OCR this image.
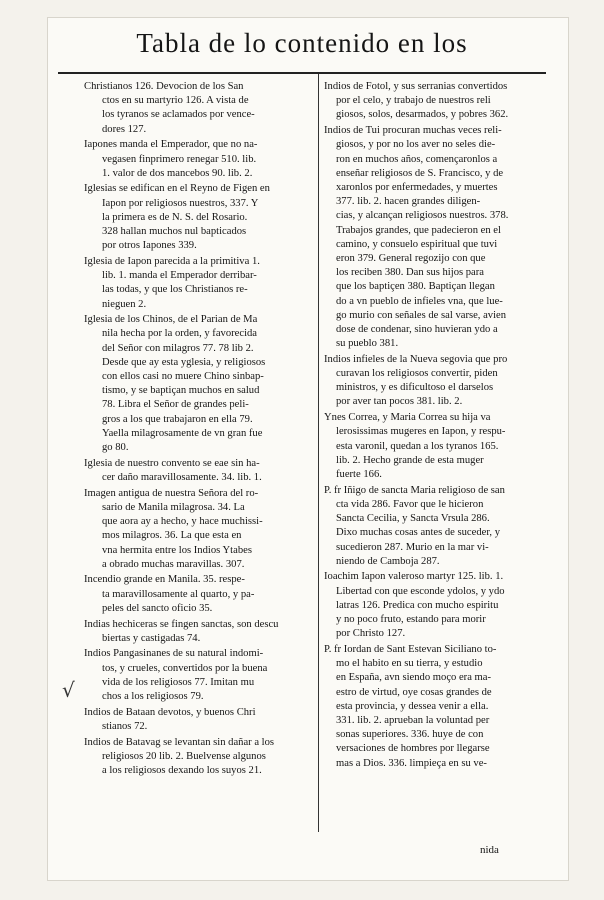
Tabla de lo contenido en los

Christianos 126. Devocion de los San
ctos en su martyrio 126. A vista de
los tyranos se aclamados por vence-
dores 127.

Iapones manda el Emperador, que no na-
vegasen finprimero renegar 510. lib.
1. valor de dos mancebos 90. lib. 2.

Iglesias se edifican en el Reyno de Figen en
Iapon por religiosos nuestros, 337. Y
la primera es de N. S. del Rosario.
328 hallan muchos nul bapticados
por otros Iapones 339.

Iglesia de Iapon parecida a la primitiva 1.
lib. 1. manda el Emperador derribar-
las todas, y que los Christianos re-
nieguen 2.

Iglesia de los Chinos, de el Parian de Ma
nila hecha por la orden, y favorecida
del Señor con milagros 77. 78 lib 2.
Desde que ay esta yglesia, y religiosos
con ellos casi no muere Chino sinbap-
tismo, y se baptiçan muchos en salud
78. Libra el Señor de grandes peli-
gros a los que trabajaron en ella 79.
Yaella milagrosamente de vn gran fue
go 80.

Iglesia de nuestro convento se eae sin ha-
cer daño maravillosamente. 34. lib. 1.

Imagen antigua de nuestra Señora del ro-
sario de Manila milagrosa. 34. La
que aora ay a hecho, y hace muchissi-
mos milagros. 36. La que esta en
vna hermita entre los Indios Ytabes
a obrado muchas maravillas. 307.

Incendio grande en Manila. 35. respe-
ta maravillosamente al quarto, y pa-
peles del sancto oficio 35.

Indias hechiceras se fingen sanctas, son descu
biertas y castigadas 74.

Indios Pangasinanes de su natural indomi-
tos, y crueles, convertidos por la buena
vida de los religiosos 77. Imitan mu
chos a los religiosos 79.

Indios de Bataan devotos, y buenos Chri
stianos 72.

Indios de Batavag se levantan sin dañar a los
religiosos 20 lib. 2. Buelvense algunos
a los religiosos dexando los suyos 21.

Indios de Fotol, y sus serranias convertidos
por el celo, y trabajo de nuestros reli
giosos, solos, desarmados, y pobres 362.

Indios de Tui procuran muchas veces reli-
giosos, y por no los aver no seles die-
ron en muchos años, començaronlos a
enseñar religiosos de S. Francisco, y de
xaronlos por enfermedades, y muertes
377. lib. 2. hacen grandes diligen-
cias, y alcançan religiosos nuestros. 378.
Trabajos grandes, que padecieron en el
camino, y consuelo espiritual que tuvi
eron 379. General regozijo con que
los reciben 380. Dan sus hijos para
que los baptiçen 380. Baptiçan llegan
do a vn pueblo de infieles vna, que lue-
go murio con señales de sal varse, avien
dose de condenar, sino huvieran ydo a
su pueblo 381.

Indios infieles de la Nueva segovia que pro
curavan los religiosos convertir, piden
ministros, y es dificultoso el darselos
por aver tan pocos 381. lib. 2.

Ynes Correa, y Maria Correa su hija va
lerosissimas mugeres en Iapon, y respu-
esta varonil, quedan a los tyranos 165.
lib. 2. Hecho grande de esta muger
fuerte 166.

P. fr Iñigo de sancta Maria religioso de san
cta vida 286. Favor que le hicieron
Sancta Cecilia, y Sancta Vrsula 286.
Dixo muchas cosas antes de suceder, y
sucedieron 287. Murio en la mar vi-
niendo de Camboja 287.

Ioachim Iapon valeroso martyr 125. lib. 1.
Libertad con que esconde ydolos, y ydo
latras 126. Predica con mucho espiritu
y no poco fruto, estando para morir
por Christo 127.

P. fr Iordan de Sant Estevan Siciliano to-
mo el habito en su tierra, y estudio
en España, avn siendo moço era ma-
estro de virtud, oye cosas grandes de
esta provincia, y dessea venir a ella.
331. lib. 2. aprueban la voluntad per
sonas superiores. 336. huye de con
versaciones de hombres por llegarse
mas a Dios. 336. limpieça en su ve-

√
nida
